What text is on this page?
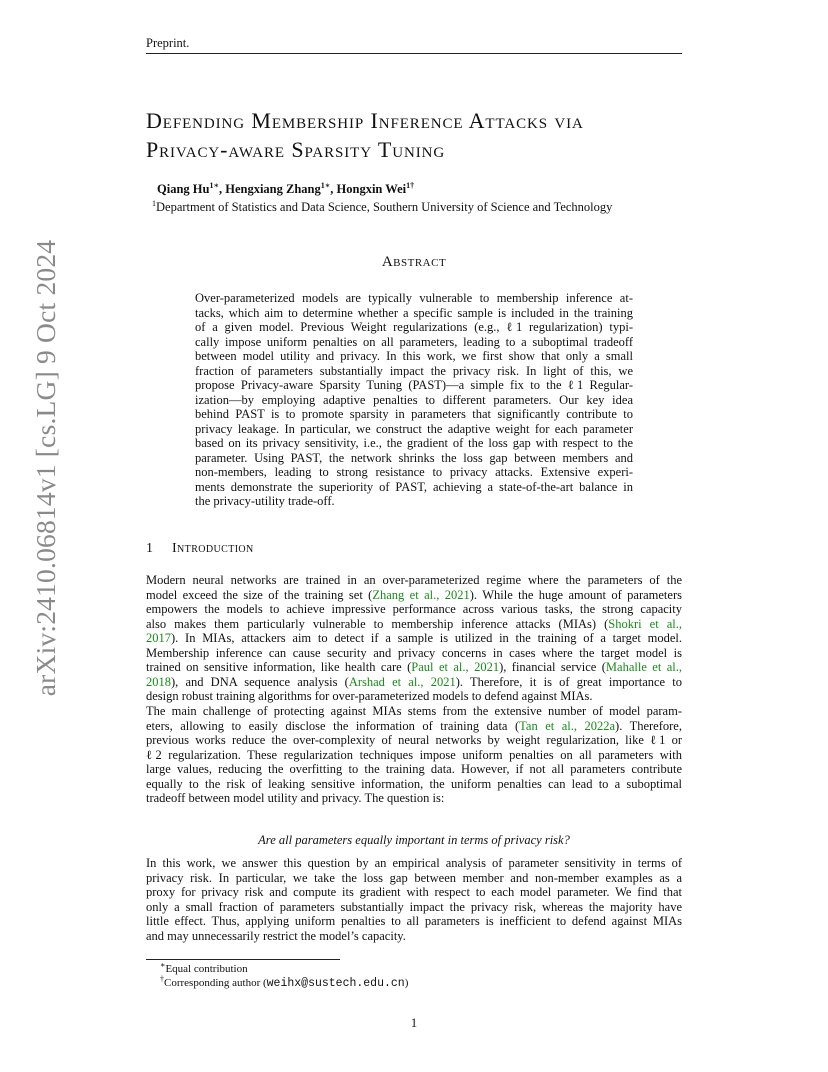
Preprint.
arXiv:2410.06814v1 [cs.LG] 9 Oct 2024
Defending Membership Inference Attacks via
Privacy-aware Sparsity Tuning
Qiang $Hu^{1∗}$, Hengxiang Zhang$^{1∗}$, Hongxin Wei$^{1\dagger}$
$^1$Department of Statistics and Data Science, Southern University of Science and Technology
Abstract
Over-parameterized models are typically vulnerable to membership inference at-
tacks, which aim to determine whether a specific sample is included in the training
of a given model. Previous Weight regularizations (e.g., ℓ1 regularization) typi-
cally impose uniform penalties on all parameters, leading to a suboptimal tradeoff
between model utility and privacy. In this work, we first show that only a small
fraction of parameters substantially impact the privacy risk. In light of this, we
propose Privacy-aware Sparsity Tuning (PAST)—a simple fix to the ℓ1 Regular-
ization—by employing adaptive penalties to different parameters. Our key idea
behind PAST is to promote sparsity in parameters that significantly contribute to
privacy leakage. In particular, we construct the adaptive weight for each parameter
based on its privacy sensitivity, i.e., the gradient of the loss gap with respect to the
parameter. Using PAST, the network shrinks the loss gap between members and
non-members, leading to strong resistance to privacy attacks. Extensive experi-
ments demonstrate the superiority of PAST, achieving a state-of-the-art balance in
the privacy-utility trade-off.
1 Introduction
Modern neural networks are trained in an over-parameterized regime where the parameters of the
model exceed the size of the training set (Zhang et al., 2021). While the huge amount of parameters
empowers the models to achieve impressive performance across various tasks, the strong capacity
also makes them particularly vulnerable to membership inference attacks (MIAs) (Shokri et al.,
2017). In MIAs, attackers aim to detect if a sample is utilized in the training of a target model.
Membership inference can cause security and privacy concerns in cases where the target model is
trained on sensitive information, like health care (Paul et al., 2021), financial service (Mahalle et al.,
2018), and DNA sequence analysis (Arshad et al., 2021). Therefore, it is of great importance to
design robust training algorithms for over-parameterized models to defend against MIAs.
The main challenge of protecting against MIAs stems from the extensive number of model param-
eters, allowing to easily disclose the information of training data (Tan et al., 2022a). Therefore,
previous works reduce the over-complexity of neural networks by weight regularization, like ℓ1 or
ℓ2 regularization. These regularization techniques impose uniform penalties on all parameters with
large values, reducing the overfitting to the training data. However, if not all parameters contribute
equally to the risk of leaking sensitive information, the uniform penalties can lead to a suboptimal
tradeoff between model utility and privacy. The question is:
Are all parameters equally important in terms of privacy risk?
In this work, we answer this question by an empirical analysis of parameter sensitivity in terms of
privacy risk. In particular, we take the loss gap between member and non-member examples as a
proxy for privacy risk and compute its gradient with respect to each model parameter. We find that
only a small fraction of parameters substantially impact the privacy risk, whereas the majority have
little effect. Thus, applying uniform penalties to all parameters is inefficient to defend against MIAs
and may unnecessarily restrict the model’s capacity.
∗Equal contribution
†Corresponding author (weihx@sustech.edu.cn)
1
